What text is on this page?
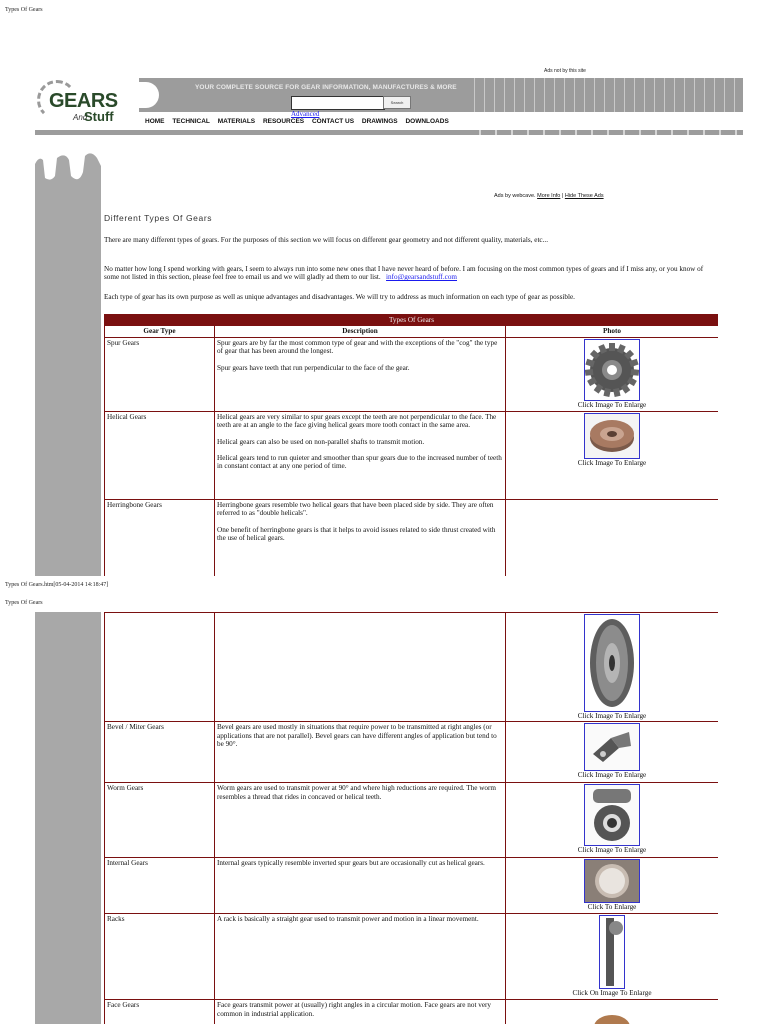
Types Of Gears
Ads not by this site
GEARS
And
Stuff
YOUR COMPLETE SOURCE FOR GEAR INFORMATION, MANUFACTURES & MORE
Search
Advanced
HOME TECHNICAL MATERIALS RESOURCES CONTACT US DRAWINGS DOWNLOADS
Ads by webcave. More Info | Hide These Ads
Different Types Of Gears
There are many different types of gears. For the purposes of this section we will focus on different gear geometry and not different quality, materials, etc...
No matter how long I spend working with gears, I seem to always run into some new ones that I have never heard of before. I am focusing on the most common types of gears and if I miss any, or you know of some not listed in this section, please feel free to email us and we will gladly ad them to our list. info@gearsandstuff.com
Each type of gear has its own purpose as well as unique advantages and disadvantages. We will try to address as much information on each type of gear as possible.
Types Of Gears		
Gear Type	Description	Photo
Spur Gears	Spur gears are by far the most common type of gear and with the exceptions of the "cog" the type of gear that has been around the longest.

Spur gears have teeth that run perpendicular to the face of the gear.	Click Image To Enlarge

Helical Gears	Helical gears are very similar to spur gears except the teeth are not perpendicular to the face. The teeth are at an angle to the face giving helical gears more tooth contact in the same area.

Helical gears can also be used on non-parallel shafts to transmit motion.

Helical gears tend to run quieter and smoother than spur gears due to the increased number of teeth in constant contact at any one period of time.	Click Image To Enlarge

Herringbone Gears	Herringbone gears resemble two helical gears that have been placed side by side. They are often referred to as "double helicals".

One benefit of herringbone gears is that it helps to avoid issues related to side thrust created with the use of helical gears.	

Types Of Gears.htm[05-04-2014 14:18:47]
Types Of Gears

		Click Image To Enlarge

Bevel / Miter Gears	Bevel gears are used mostly in situations that require power to be transmitted at right angles (or applications that are not parallel). Bevel gears can have different angles of application but tend to be 90°.	Click Image To Enlarge

Worm Gears	Worm gears are used to transmit power at 90° and where high reductions are required. The worm resembles a thread that rides in concaved or helical teeth.	Click Image To Enlarge

Internal Gears	Internal gears typically resemble inverted spur gears but are occasionally cut as helical gears.	Click To Enlarge

Racks	A rack is basically a straight gear used to transmit power and motion in a linear movement.	Click On Image To Enlarge

Face Gears	Face gears transmit power at (usually) right angles in a circular motion. Face gears are not very common in industrial application.
